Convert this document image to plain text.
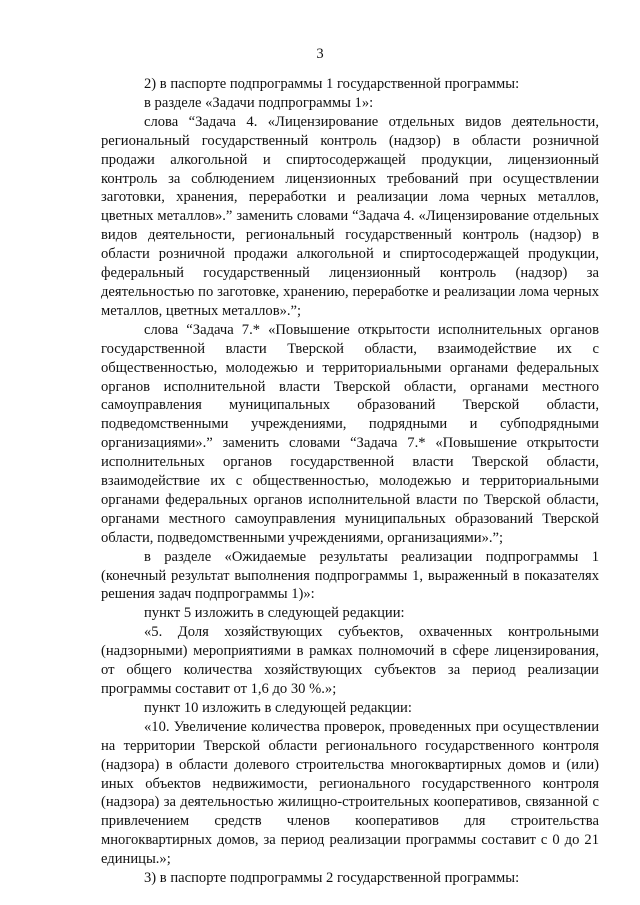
3

2) в паспорте подпрограммы 1 государственной программы:

в разделе «Задачи подпрограммы 1»:

слова “Задача 4. «Лицензирование отдельных видов деятельности, региональный государственный контроль (надзор) в области розничной продажи алкогольной и спиртосодержащей продукции, лицензионный контроль за соблюдением лицензионных требований при осуществлении заготовки, хранения, переработки и реализации лома черных металлов, цветных металлов».” заменить словами “Задача 4. «Лицензирование отдельных видов деятельности, региональный государственный контроль (надзор) в области розничной продажи алкогольной и спиртосодержащей продукции, федеральный государственный лицензионный контроль (надзор) за деятельностью по заготовке, хранению, переработке и реализации лома черных металлов, цветных металлов».”;

слова “Задача 7.* «Повышение открытости исполнительных органов государственной власти Тверской области, взаимодействие их с общественностью, молодежью и территориальными органами федеральных органов исполнительной власти Тверской области, органами местного самоуправления муниципальных образований Тверской области, подведомственными учреждениями, подрядными и субподрядными организациями».” заменить словами “Задача 7.* «Повышение открытости исполнительных органов государственной власти Тверской области, взаимодействие их с общественностью, молодежью и территориальными органами федеральных органов исполнительной власти по Тверской области, органами местного самоуправления муниципальных образований Тверской области, подведомственными учреждениями, организациями».”;

в разделе «Ожидаемые результаты реализации подпрограммы 1 (конечный результат выполнения подпрограммы 1, выраженный в показателях решения задач подпрограммы 1)»:

пункт 5 изложить в следующей редакции:

«5. Доля хозяйствующих субъектов, охваченных контрольными (надзорными) мероприятиями в рамках полномочий в сфере лицензирования, от общего количества хозяйствующих субъектов за период реализации программы составит от 1,6 до 30 %.»;

пункт 10 изложить в следующей редакции:

«10. Увеличение количества проверок, проведенных при осуществлении на территории Тверской области регионального государственного контроля (надзора) в области долевого строительства многоквартирных домов и (или) иных объектов недвижимости, регионального государственного контроля (надзора) за деятельностью жилищно-строительных кооперативов, связанной с привлечением средств членов кооперативов для строительства многоквартирных домов, за период реализации программы составит с 0 до 21 единицы.»;

3) в паспорте подпрограммы 2 государственной программы:
